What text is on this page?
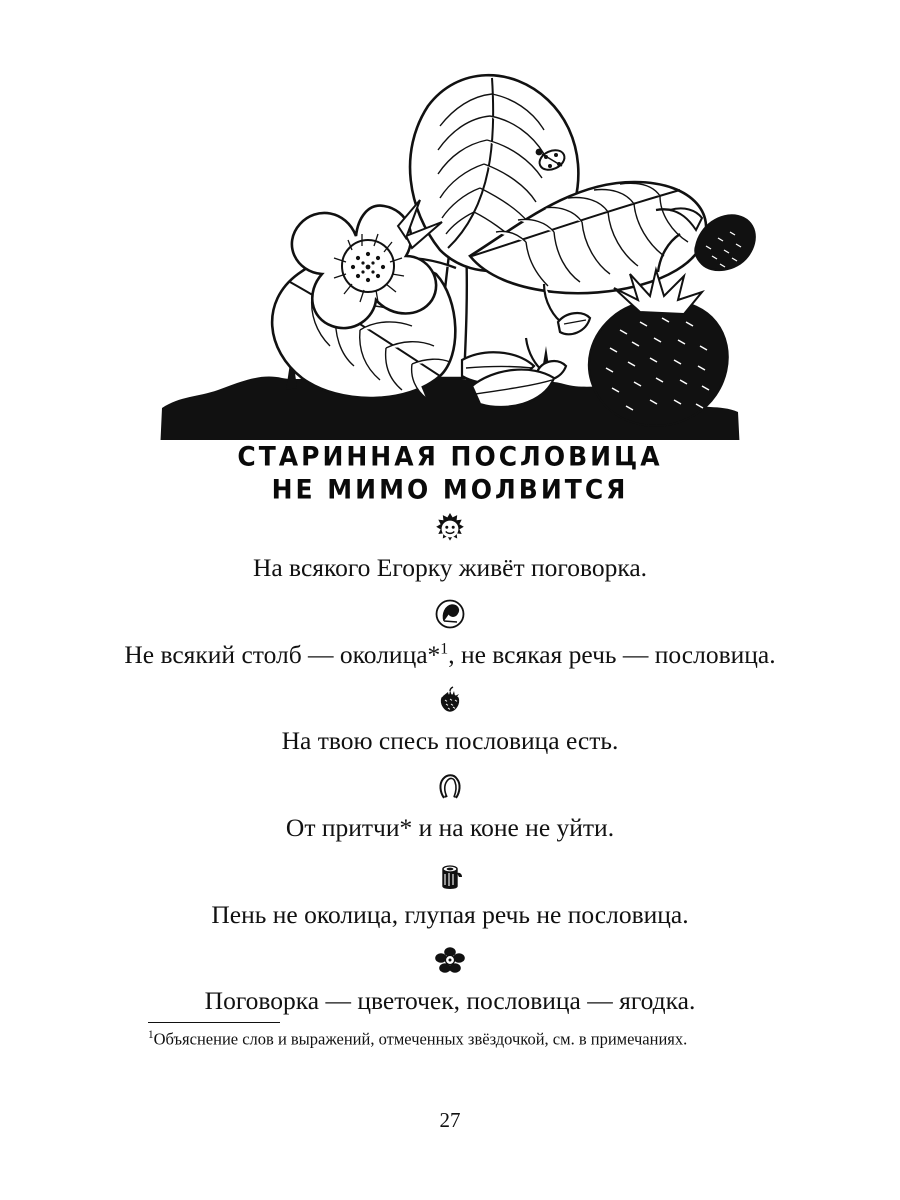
СТАРИННАЯ ПОСЛОВИЦА
НЕ МИМО МОЛВИТСЯ
На всякого Егорку живёт поговорка.
Не всякий столб — околица*$^1$, не всякая речь — пословица.
На твою спесь пословица есть.
От притчи* и на коне не уйти.
Пень не околица, глупая речь не пословица.
Поговорка — цветочек, пословица — ягодка.
$^1$Объяснение слов и выражений, отмеченных звёздочкой, см. в примечаниях.
27
